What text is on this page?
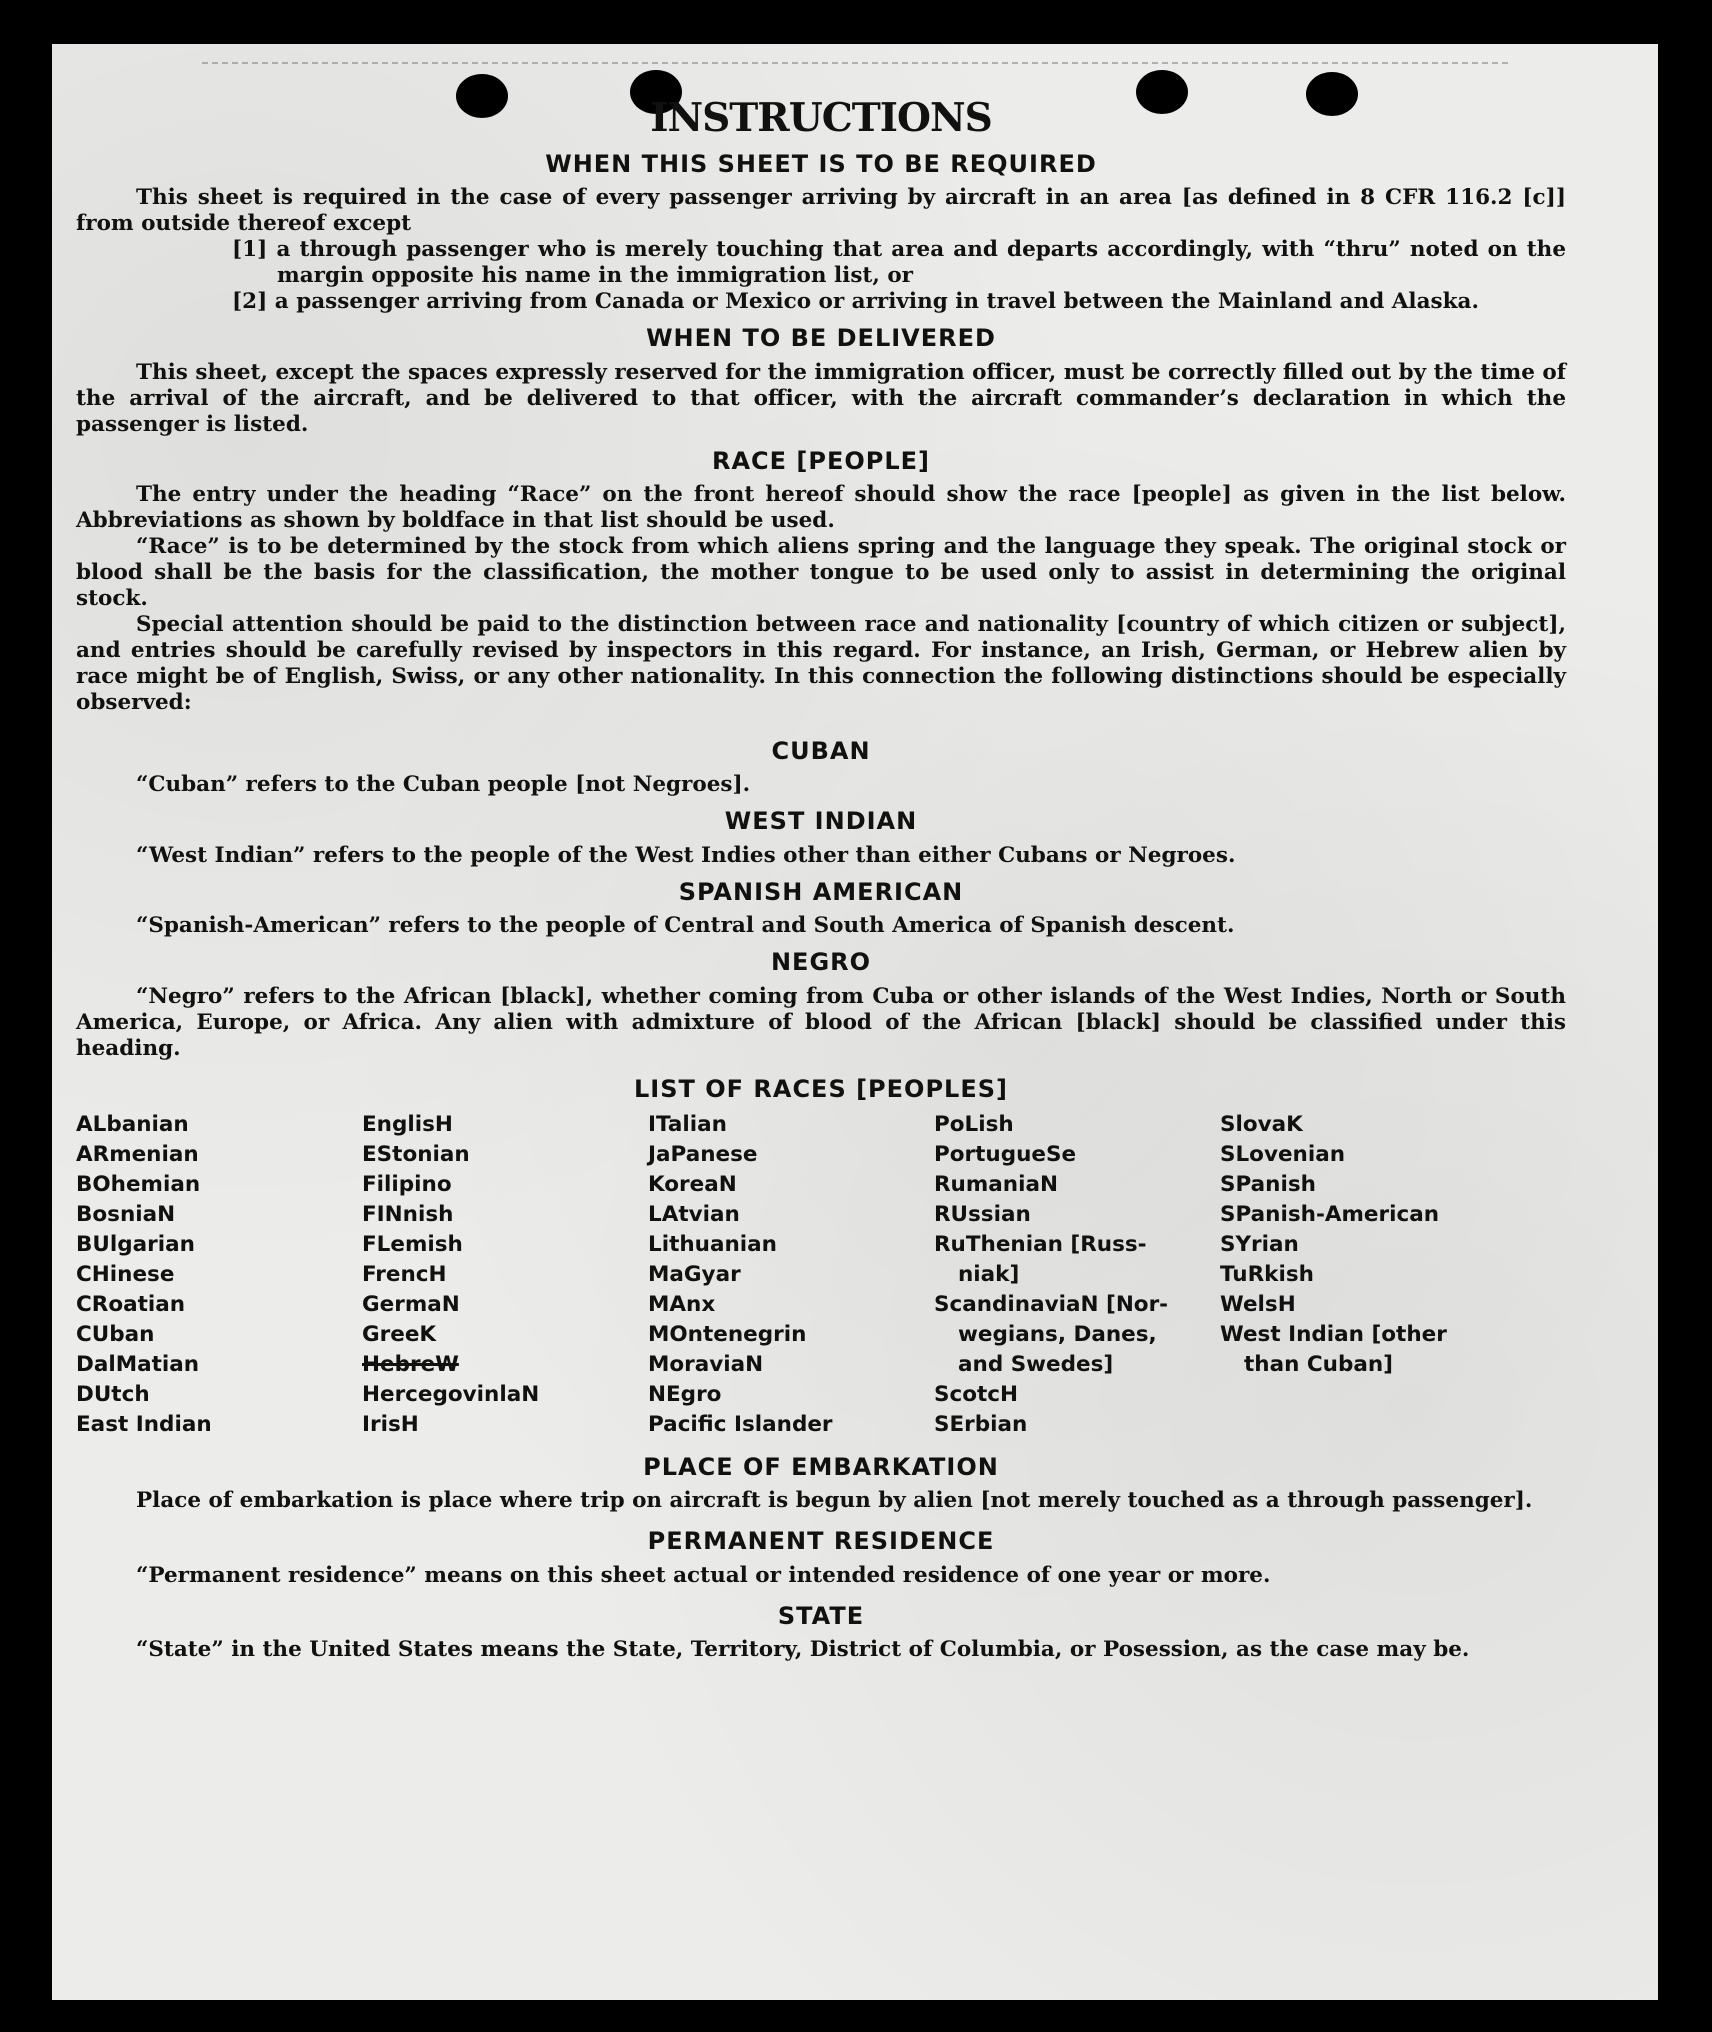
INSTRUCTIONS
WHEN THIS SHEET IS TO BE REQUIRED

This sheet is required in the case of every passenger arriving by aircraft in an area [as defined in 8 CFR 116.2 [c]] from outside thereof except

[1] a through passenger who is merely touching that area and departs accordingly, with “thru” noted on the margin opposite his name in the immigration list, or

[2] a passenger arriving from Canada or Mexico or arriving in travel between the Mainland and Alaska.

WHEN TO BE DELIVERED

This sheet, except the spaces expressly reserved for the immigration officer, must be correctly filled out by the time of the arrival of the aircraft, and be delivered to that officer, with the aircraft commander’s declaration in which the passenger is listed.

RACE [PEOPLE]

The entry under the heading “Race” on the front hereof should show the race [people] as given in the list below. Abbreviations as shown by boldface in that list should be used.

“Race” is to be determined by the stock from which aliens spring and the language they speak. The original stock or blood shall be the basis for the classification, the mother tongue to be used only to assist in determining the original stock.

Special attention should be paid to the distinction between race and nationality [country of which citizen or subject], and entries should be carefully revised by inspectors in this regard. For instance, an Irish, German, or Hebrew alien by race might be of English, Swiss, or any other nationality. In this connection the following distinctions should be especially observed:

CUBAN

“Cuban” refers to the Cuban people [not Negroes].

WEST INDIAN

“West Indian” refers to the people of the West Indies other than either Cubans or Negroes.

SPANISH AMERICAN

“Spanish-American” refers to the people of Central and South America of Spanish descent.

NEGRO

“Negro” refers to the African [black], whether coming from Cuba or other islands of the West Indies, North or South America, Europe, or Africa. Any alien with admixture of blood of the African [black] should be classified under this heading.

LIST OF RACES [PEOPLES]
ALbanian
ARmenian
BOhemian
BosniaN
BUlgarian
CHinese
CRoatian
CUban
DalMatian
DUtch
East Indian
EnglisH
EStonian
Filipino
FINnish
FLemish
FrencH
GermaN
GreeK
HebreW
HercegovinlaN
IrisH
ITalian
JaPanese
KoreaN
LAtvian
Lithuanian
MaGyar
MAnx
MOntenegrin
MoraviaN
NEgro
Pacific Islander
PoLish
PortugueSe
RumaniaN
RUssian
RuThenian [Russ-
niak]
ScandinaviaN [Nor-
wegians, Danes,
and Swedes]
ScotcH
SErbian
SlovaK
SLovenian
SPanish
SPanish-American
SYrian
TuRkish
WelsH
West Indian [other
than Cuban]
PLACE OF EMBARKATION

Place of embarkation is place where trip on aircraft is begun by alien [not merely touched as a through passenger].

PERMANENT RESIDENCE

“Permanent residence” means on this sheet actual or intended residence of one year or more.

STATE

“State” in the United States means the State, Territory, District of Columbia, or Posession, as the case may be.
